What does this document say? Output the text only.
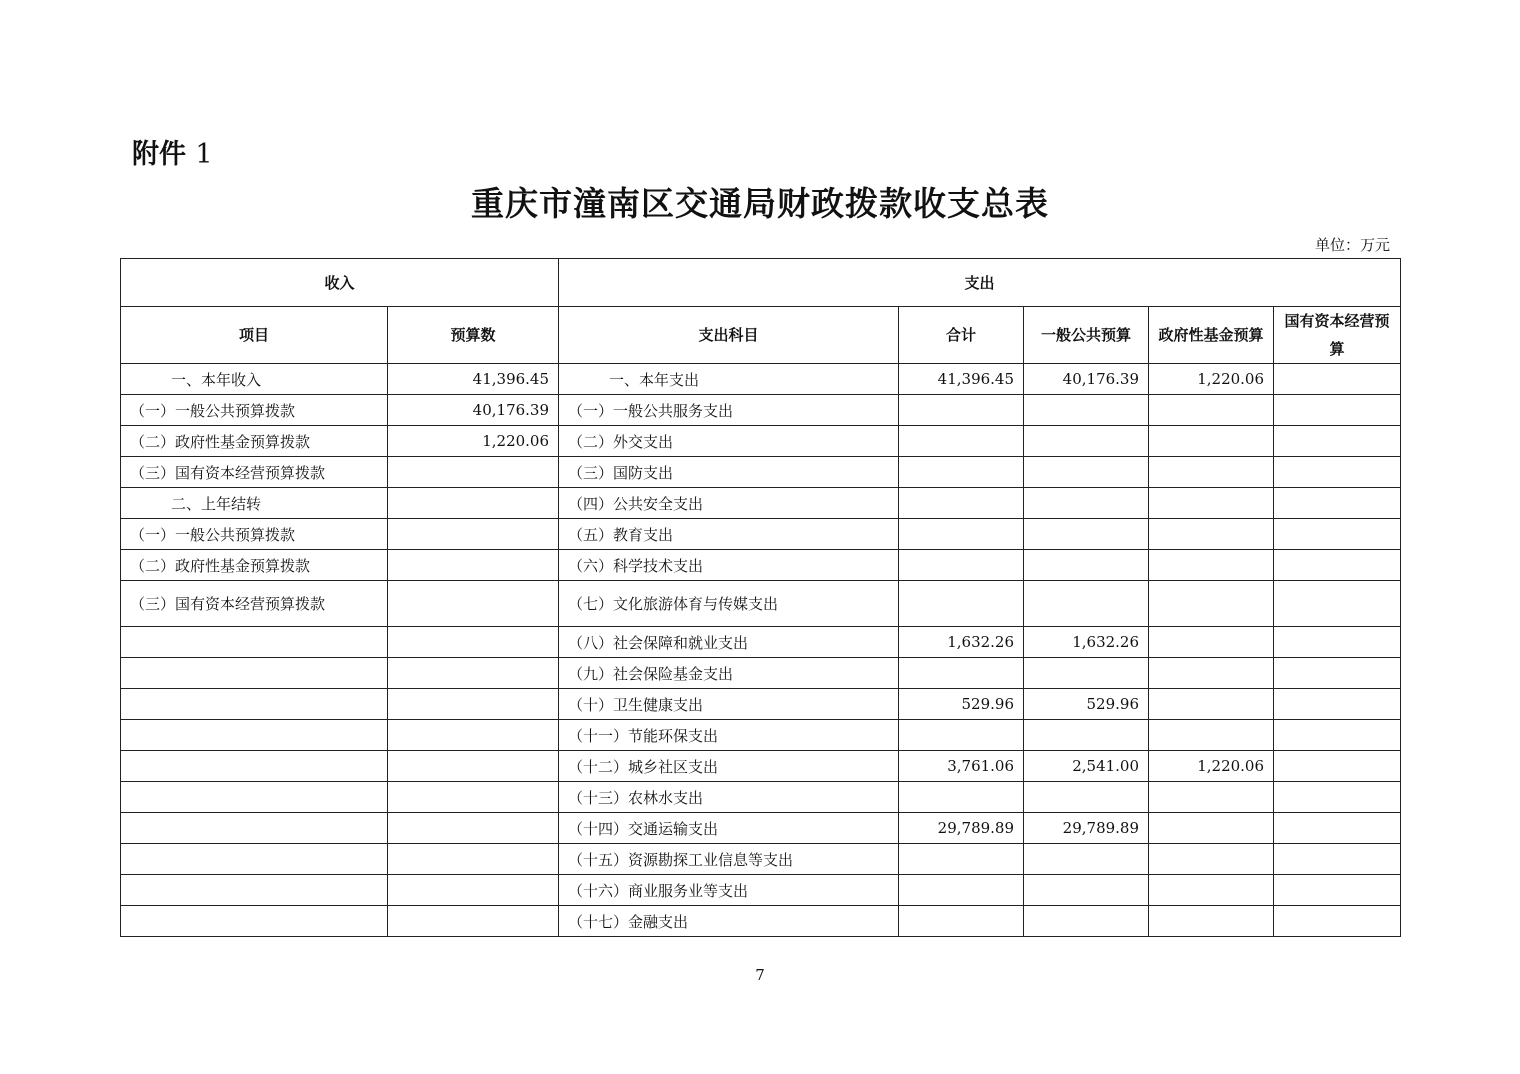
附件 1
重庆市潼南区交通局财政拨款收支总表
单位：万元
收入		支出				
项目	预算数	支出科目	合计	一般公共预算	政府性基金预算	国有资本经营预算
一、本年收入	41,396.45	一、本年支出	41,396.45	40,176.39	1,220.06	
（一）一般公共预算拨款	40,176.39	（一）一般公共服务支出				
（二）政府性基金预算拨款	1,220.06	（二）外交支出				
（三）国有资本经营预算拨款		（三）国防支出				
二、上年结转		（四）公共安全支出				
（一）一般公共预算拨款		（五）教育支出				
（二）政府性基金预算拨款		（六）科学技术支出				
（三）国有资本经营预算拨款		（七）文化旅游体育与传媒支出				
		（八）社会保障和就业支出	1,632.26	1,632.26		
		（九）社会保险基金支出				
		（十）卫生健康支出	529.96	529.96		
		（十一）节能环保支出				
		（十二）城乡社区支出	3,761.06	2,541.00	1,220.06	
		（十三）农林水支出				
		（十四）交通运输支出	29,789.89	29,789.89		
		（十五）资源勘探工业信息等支出				
		（十六）商业服务业等支出				
		（十七）金融支出				
7
